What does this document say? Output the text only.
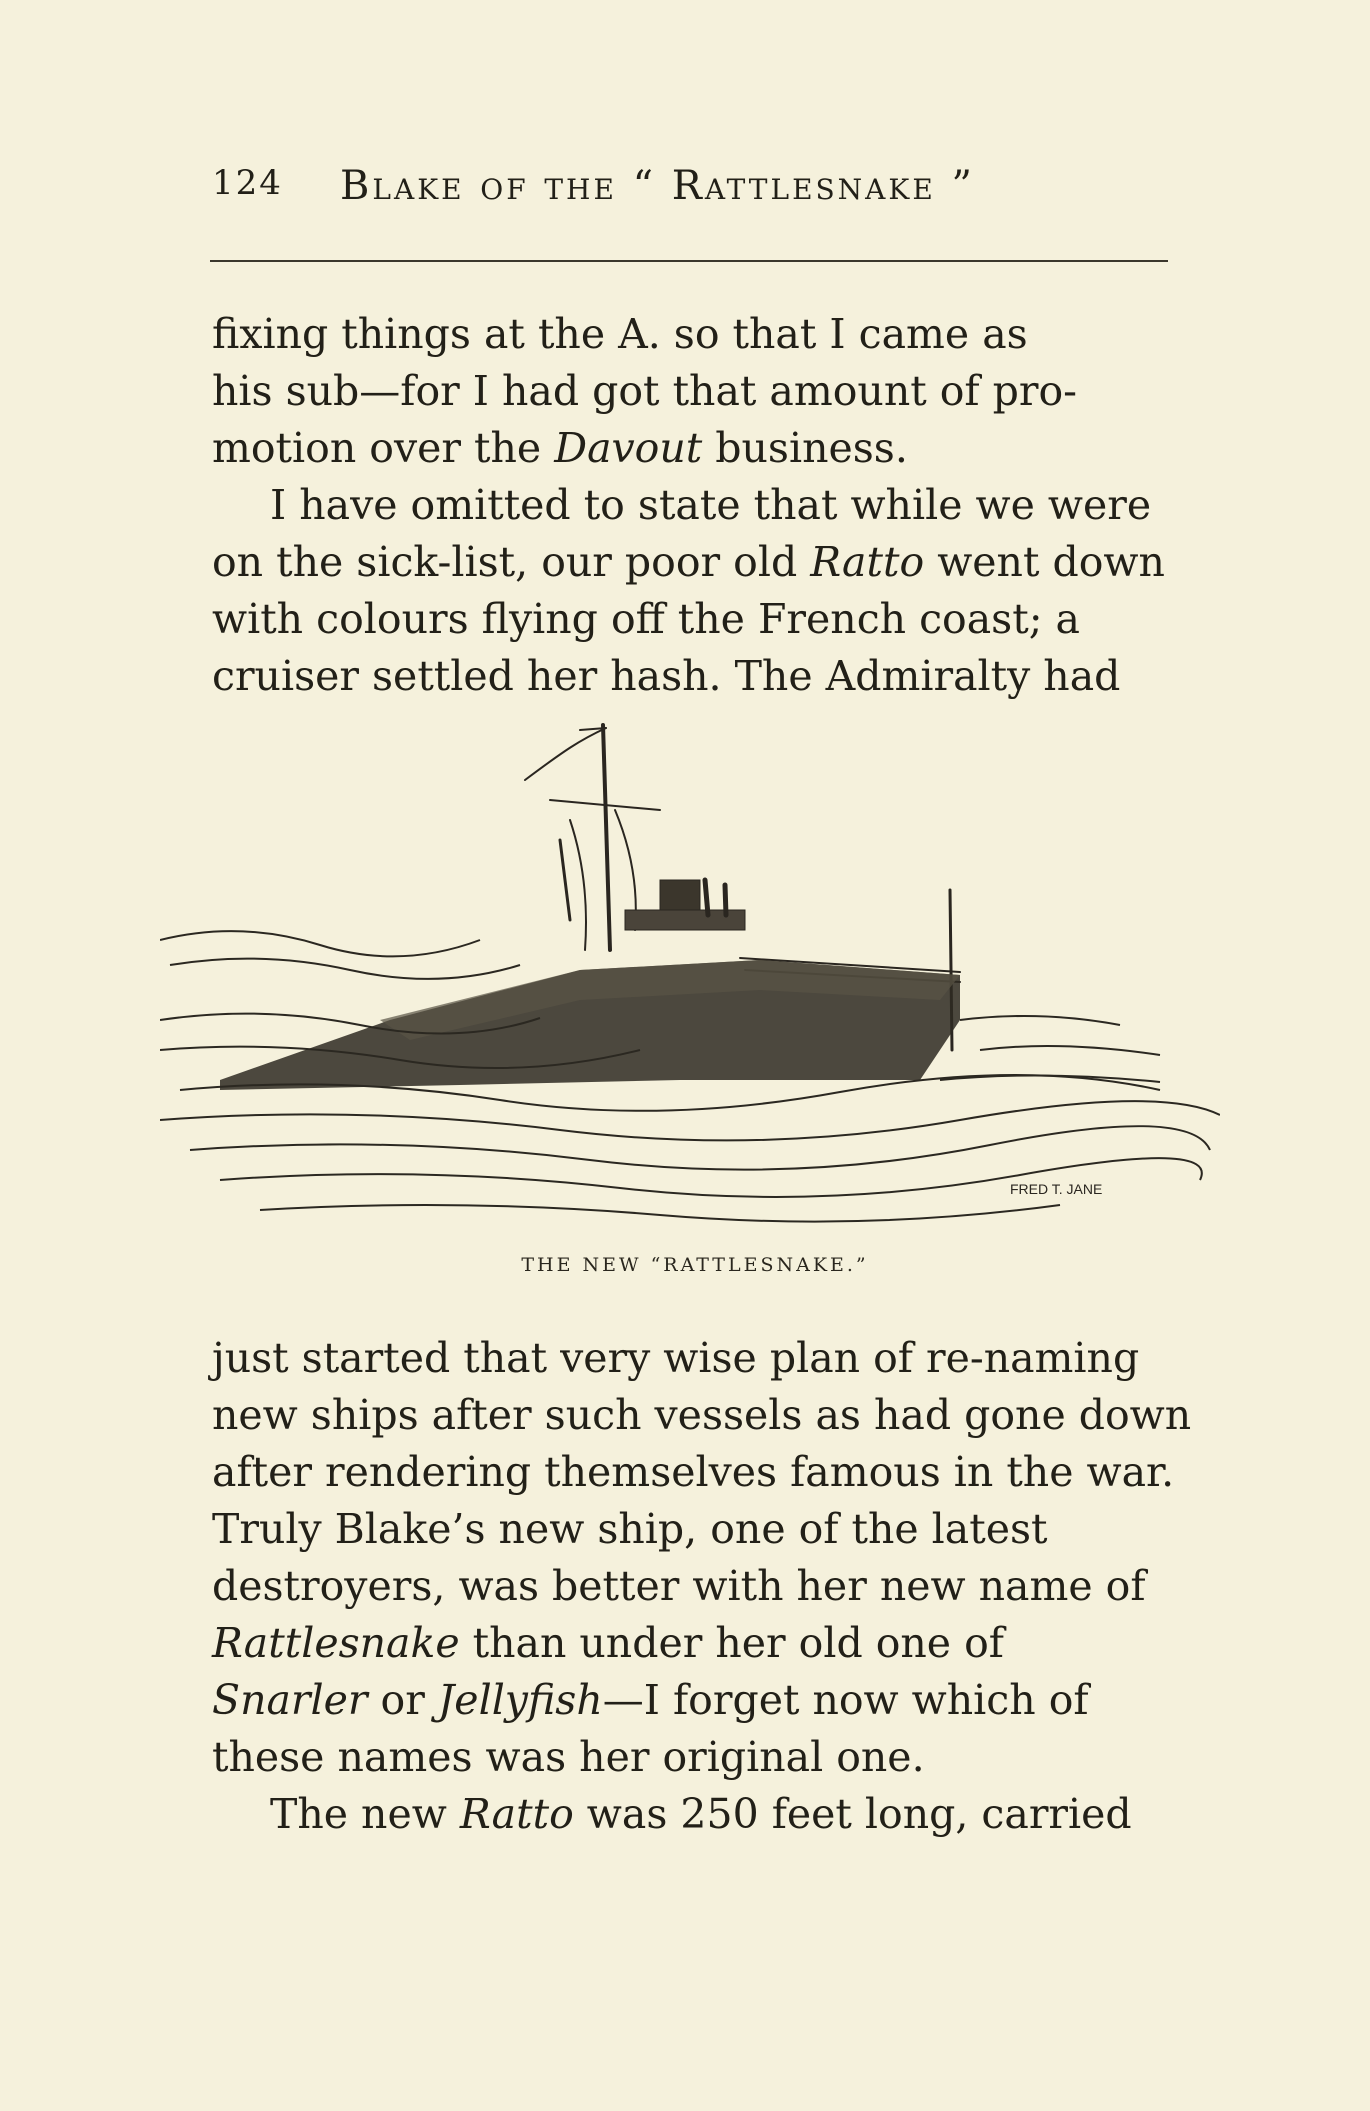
124 Blake of the “ Rattlesnake ”

fixing things at the A. so that I came as
his sub—for I had got that amount of pro-
motion over the Davout business.

I have omitted to state that while we were
on the sick-list, our poor old Ratto went down
with colours flying off the French coast; a
cruiser settled her hash. The Admiralty had

FRED T. JANE
THE NEW “RATTLESNAKE.”

just started that very wise plan of re-naming
new ships after such vessels as had gone down
after rendering themselves famous in the war.
Truly Blake’s new ship, one of the latest
destroyers, was better with her new name of
Rattlesnake than under her old one of
Snarler or Jellyfish—I forget now which of
these names was her original one.

The new Ratto was 250 feet long, carried
